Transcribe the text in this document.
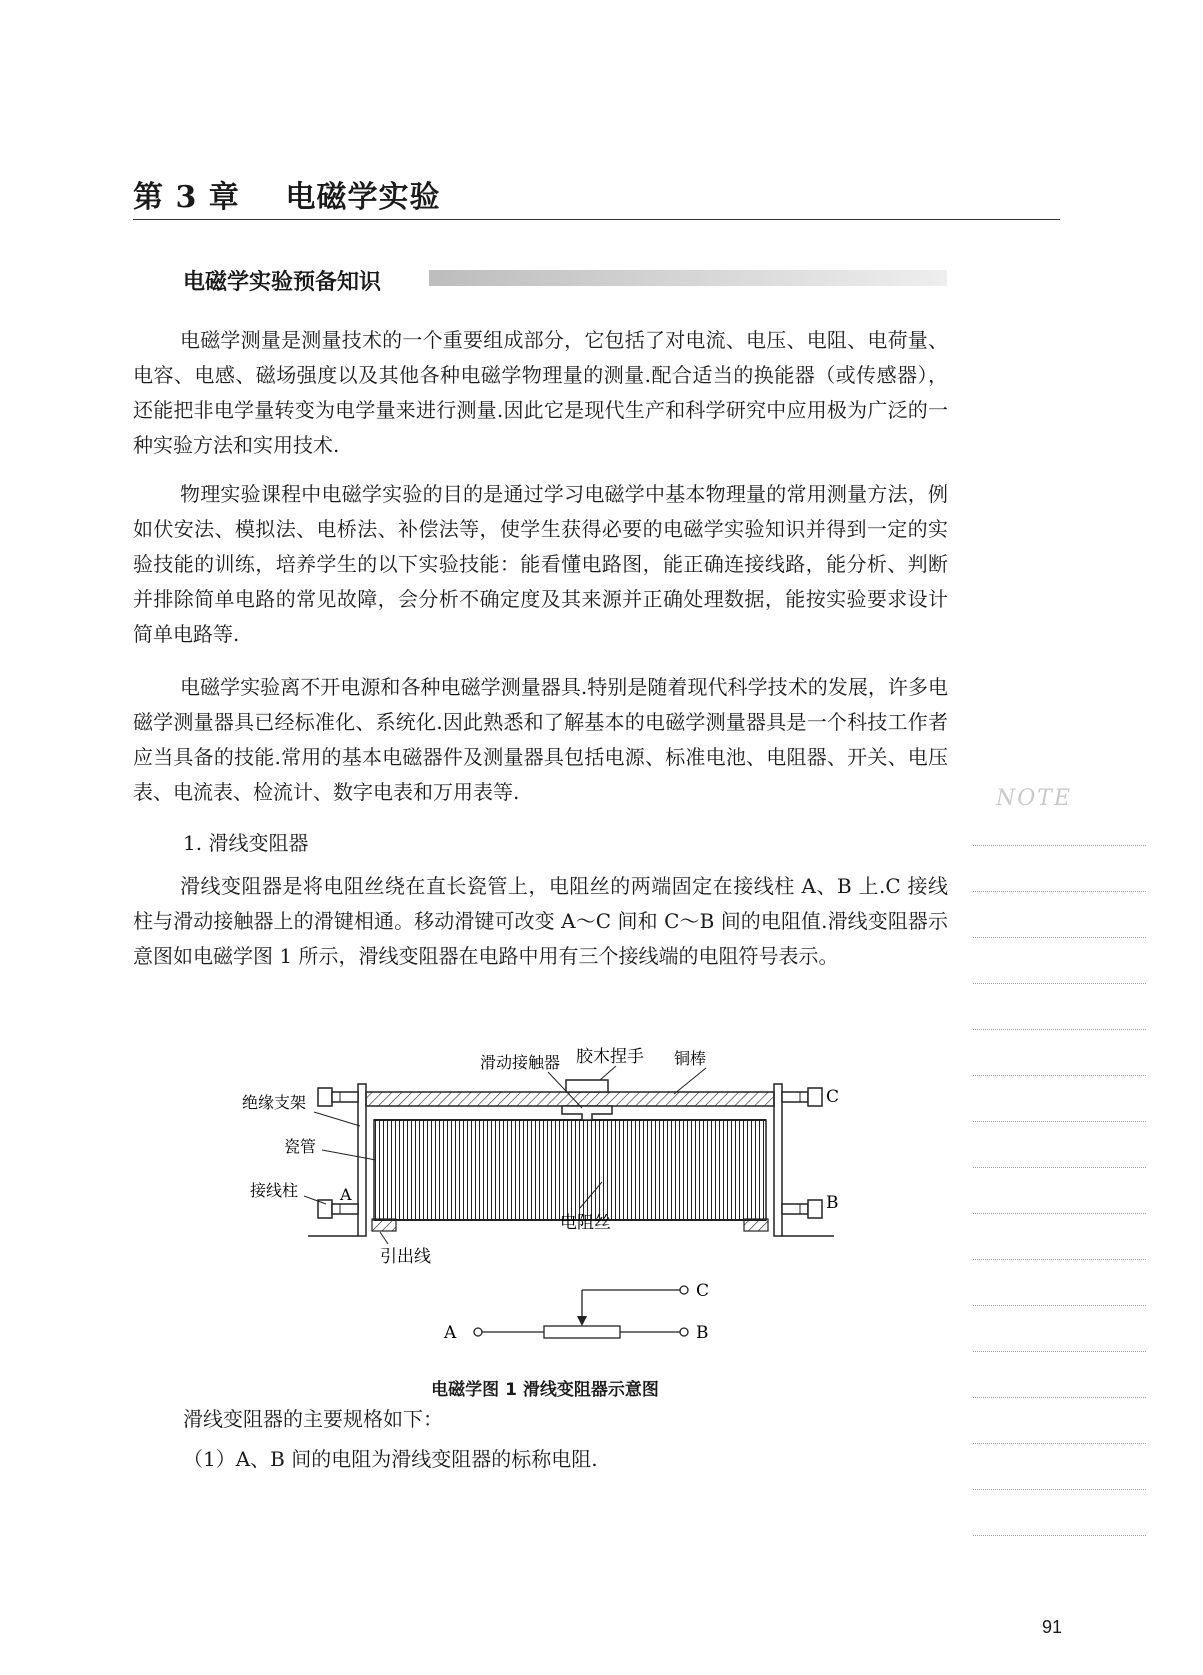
第 3 章    电磁学实验
电磁学实验预备知识

电磁学测量是测量技术的一个重要组成部分，它包括了对电流、电压、电阻、电荷量、电容、电感、磁场强度以及其他各种电磁学物理量的测量.配合适当的换能器（或传感器），还能把非电学量转变为电学量来进行测量.因此它是现代生产和科学研究中应用极为广泛的一种实验方法和实用技术.

物理实验课程中电磁学实验的目的是通过学习电磁学中基本物理量的常用测量方法，例如伏安法、模拟法、电桥法、补偿法等，使学生获得必要的电磁学实验知识并得到一定的实验技能的训练，培养学生的以下实验技能：能看懂电路图，能正确连接线路，能分析、判断并排除简单电路的常见故障，会分析不确定度及其来源并正确处理数据，能按实验要求设计简单电路等.

电磁学实验离不开电源和各种电磁学测量器具.特别是随着现代科学技术的发展，许多电磁学测量器具已经标准化、系统化.因此熟悉和了解基本的电磁学测量器具是一个科技工作者应当具备的技能.常用的基本电磁器件及测量器具包括电源、标准电池、电阻器、开关、电压表、电流表、检流计、数字电表和万用表等.

1. 滑线变阻器

滑线变阻器是将电阻丝绕在直长瓷管上，电阻丝的两端固定在接线柱 A、B 上.C 接线柱与滑动接触器上的滑键相通。移动滑键可改变 A～C 间和 C～B 间的电阻值.滑线变阻器示意图如电磁学图 1 所示，滑线变阻器在电路中用有三个接线端的电阻符号表示。

NOTE
滑动接触器 胶木捏手 铜棒
绝缘支架
瓷管
接线柱	A	B
C
电阻丝
引出线
A	B
C
电磁学图 1 滑线变阻器示意图
滑线变阻器的主要规格如下：
（1）A、B 间的电阻为滑线变阻器的标称电阻.
91
